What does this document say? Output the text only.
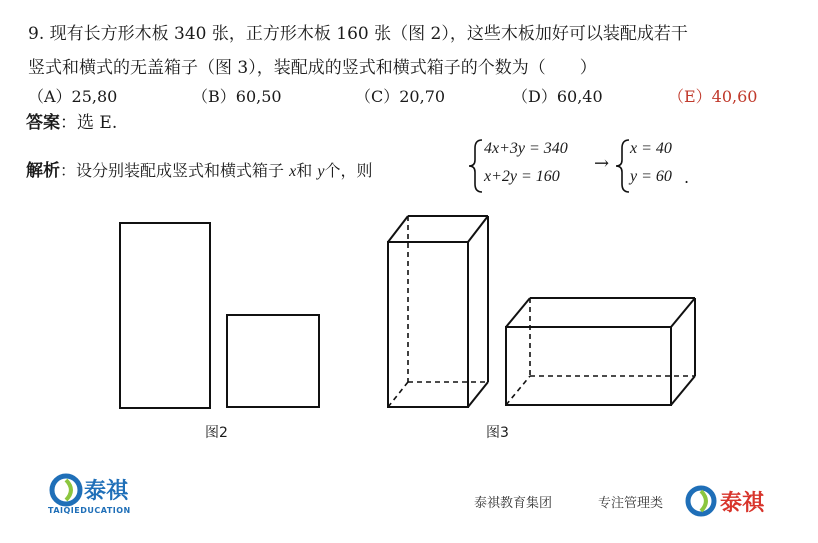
9. 现有长方形木板 340 张，正方形木板 160 张（图 2），这些木板加好可以装配成若干
竖式和横式的无盖箱子（图 3），装配成的竖式和横式箱子的个数为（　　）
（A）25,80	（B）60,50	（C）20,70	（D）60,40	（E）40,60
答案：选 E.
解析：设分别装配成竖式和横式箱子 x和 y个，则
4x+3y = 340
x+2y = 160
→
x = 40
y = 60 .
图2	图3
泰祺
TAIQIEDUCATION	泰祺教育集团	专注管理类	泰祺
